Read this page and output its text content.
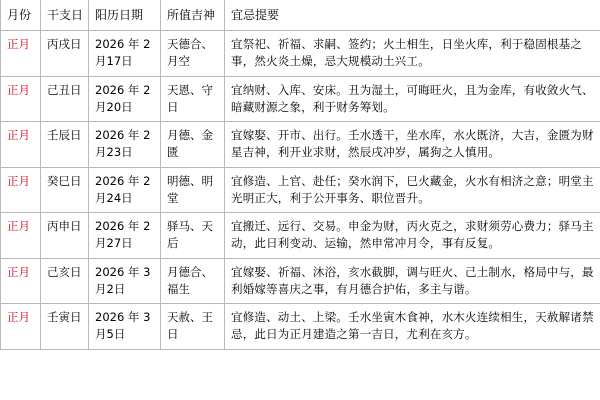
月份	干支日	阳历日期	所值吉神	宜忌提要

正月	丙戌日	2026 年 2 月17日	天德合、月空	宜祭祀、祈福、求嗣、签约；火土相生，日坐火库，利于稳固根基之事，然火炎土燥，忌大规模动土兴工。

正月	己丑日	2026 年 2 月20日	天恩、守日	宜纳财、入库、安床。丑为湿土，可晦旺火，且为金库，有收敛火气、暗藏财源之象，利于财务筹划。

正月	壬辰日	2026 年 2 月23日	月德、金匮	宜嫁娶、开市、出行。壬水透干，坐水库，水火既济，大吉，金匮为财星吉神，利开业求财，然辰戌冲岁，属狗之人慎用。

正月	癸巳日	2026 年 2 月24日	明德、明堂	宜修造、上官、赴任；癸水润下，巳火藏金，火水有相济之意；明堂主光明正大，利于公开事务、职位晋升。

正月	丙申日	2026 年 2 月27日	驿马、天后	宜搬迁、远行、交易。申金为财，丙火克之，求财须劳心费力；驿马主动，此日利变动、运输，然申常冲月令，事有反复。

正月	己亥日	2026 年 3 月2日	月德合、福生	宜嫁娶、祈福、沐浴，亥水截脚，调与旺火、己土制水，格局中与，最利婚嫁等喜庆之事，有月德合护佑，多主与谐。

正月	壬寅日	2026 年 3 月5日	天赦、王日	宜修造、动土、上梁。壬水坐寅木食神，水木火连续相生，天赦解诸禁忌，此日为正月建造之第一吉日，尤利在亥方。
